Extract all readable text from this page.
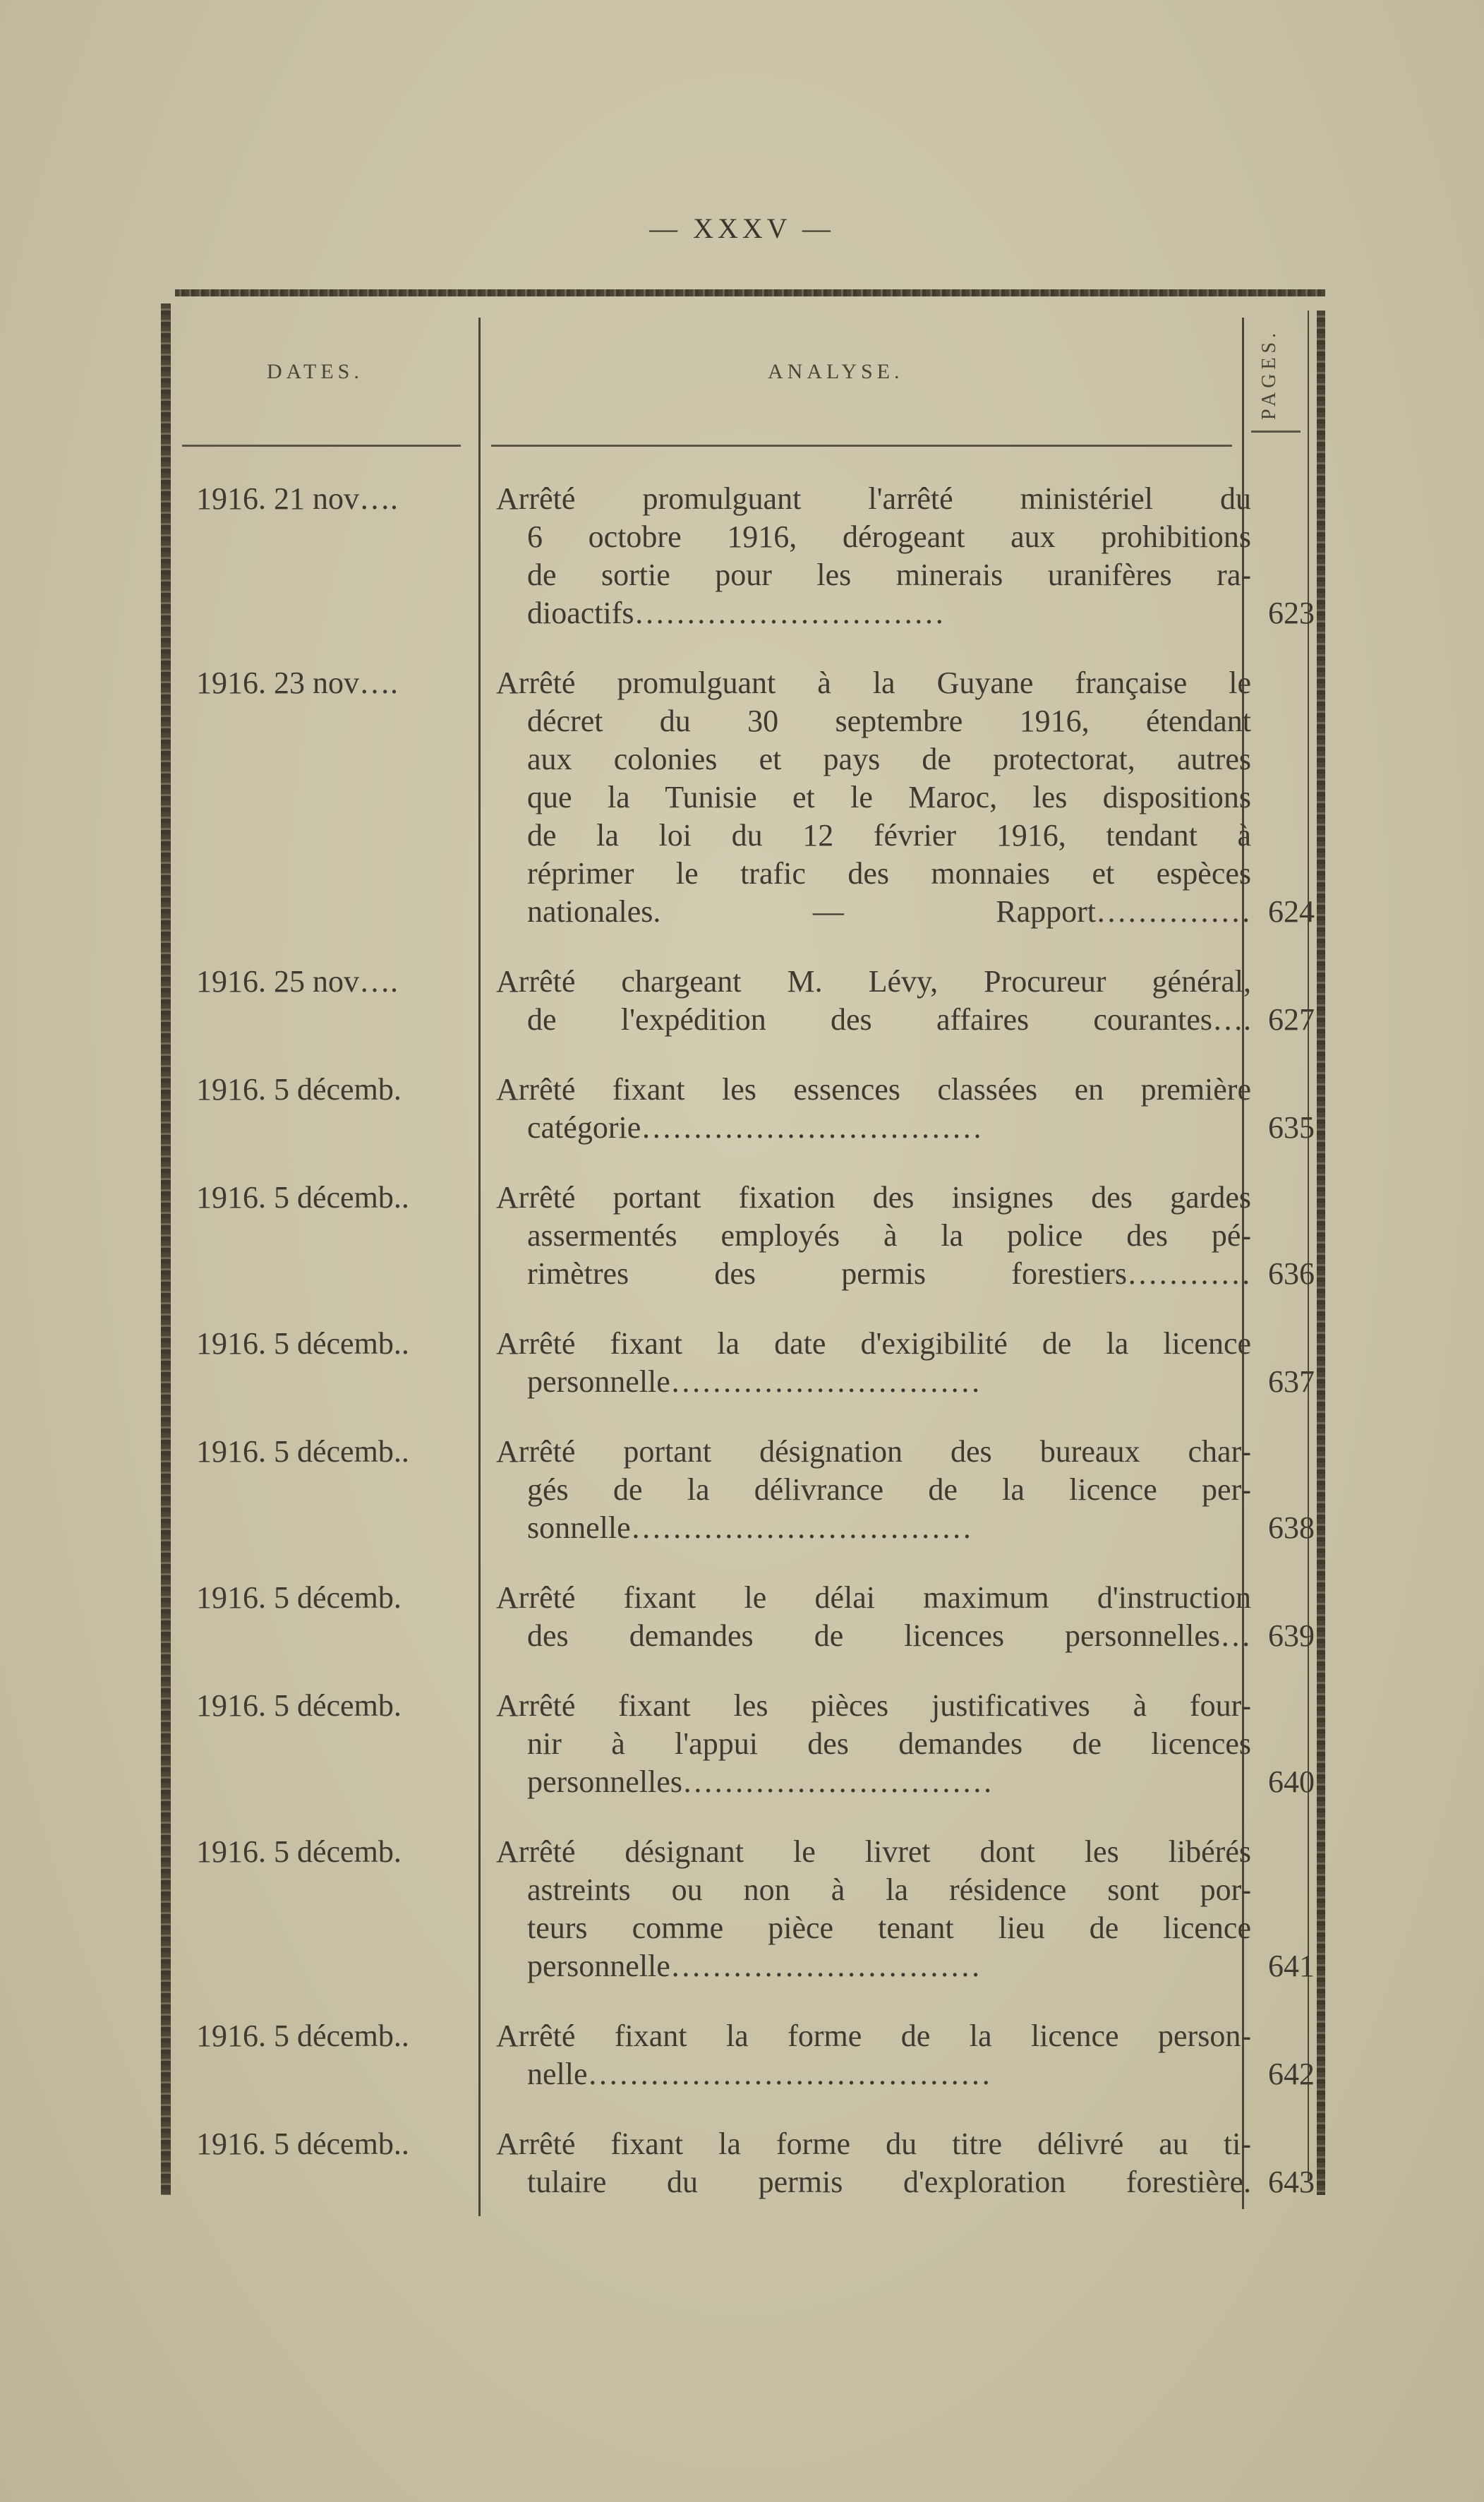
— XXXV —
DATES.	ANALYSE.	PAGES.
1916. 21 nov….	Arrêté promulguant l'arrêté ministériel du
6 octobre 1916, dérogeant aux prohibitions
de sortie pour les minerais uranifères ra-
dioactifs…………………………	623
1916. 23 nov….	Arrêté promulguant à la Guyane française le
décret du 30 septembre 1916, étendant
aux colonies et pays de protectorat, autres
que la Tunisie et le Maroc, les dispositions
de la loi du 12 février 1916, tendant à
réprimer le trafic des monnaies et espèces
nationales. — Rapport…………… 624
1916. 25 nov….	Arrêté chargeant M. Lévy, Procureur général,
de l'expédition des affaires courantes…. 627
1916. 5 décemb.	Arrêté fixant les essences classées en première
catégorie……………………………	635
1916. 5 décemb..	Arrêté portant fixation des insignes des gardes
assermentés employés à la police des pé-
rimètres des permis forestiers………… 636
1916. 5 décemb..	Arrêté fixant la date d'exigibilité de la licence
personnelle…………………………	637
1916. 5 décemb..	Arrêté portant désignation des bureaux char-
gés de la délivrance de la licence per-
sonnelle……………………………	638
1916. 5 décemb.	Arrêté fixant le délai maximum d'instruction
des demandes de licences personnelles… 639
1916. 5 décemb.	Arrêté fixant les pièces justificatives à four-
nir à l'appui des demandes de licences
personnelles…………………………	640
1916. 5 décemb.	Arrêté désignant le livret dont les libérés
astreints ou non à la résidence sont por-
teurs comme pièce tenant lieu de licence
personnelle…………………………	641
1916. 5 décemb..	Arrêté fixant la forme de la licence person-
nelle…………………………………	642
1916. 5 décemb..	Arrêté fixant la forme du titre délivré au ti-
tulaire du permis d'exploration forestière. 643
